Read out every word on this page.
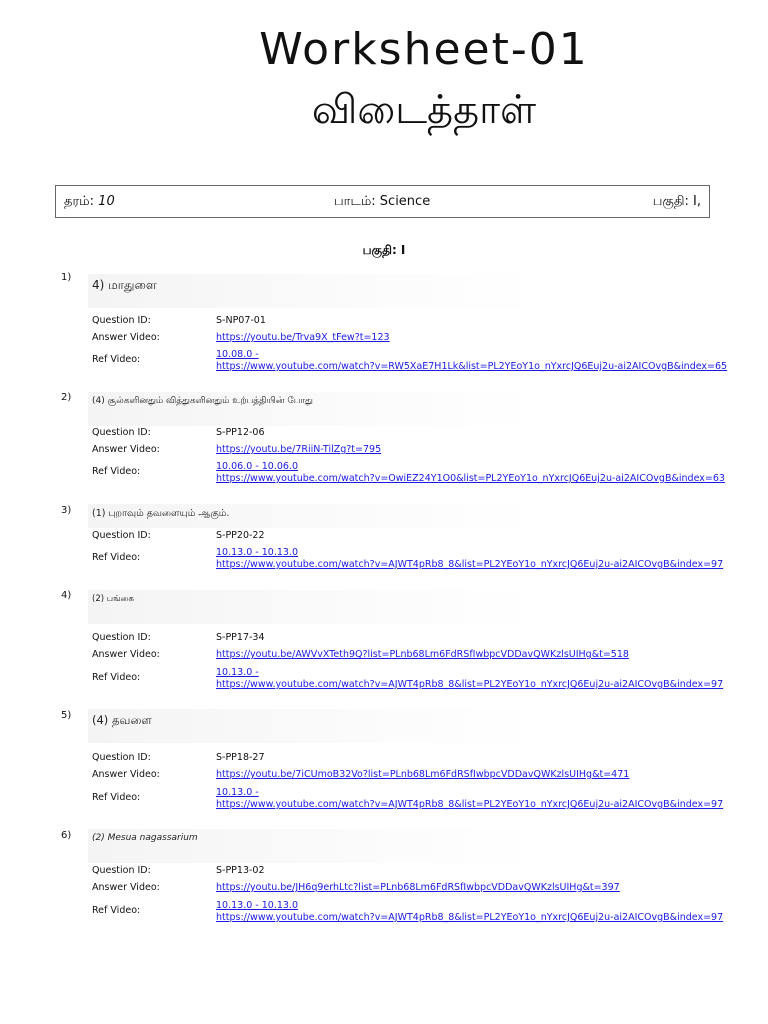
Worksheet-01
விடைத்தாள்
தரம்: 10	பாடம்: Science	பகுதி: I,
பகுதி: I
1)
4) மாதுளை
Question ID:	S-NP07-01
Answer Video:	https://youtu.be/Trva9X_tFew?t=123
Ref Video:	10.08.0 -
https://www.youtube.com/watch?v=RW5XaE7H1Lk&list=PL2YEoY1o_nYxrcJQ6Euj2u-ai2AICOvgB&index=65
2) (4) சூல்களினதும் வித்துகளினதும் உற்பத்தியின் போது
Question ID:	S-PP12-06
Answer Video:	https://youtu.be/7RiiN-TilZg?t=795
Ref Video:	10.06.0 - 10.06.0
https://www.youtube.com/watch?v=OwiEZ24Y1O0&list=PL2YEoY1o_nYxrcJQ6Euj2u-ai2AICOvgB&index=63
3) (1) புறாவும் தவளையும் ஆகும்.
Question ID:	S-PP20-22
Ref Video:	10.13.0 - 10.13.0
https://www.youtube.com/watch?v=AJWT4pRb8_8&list=PL2YEoY1o_nYxrcJQ6Euj2u-ai2AICOvgB&index=97
4) (2) பங்கை
Question ID:	S-PP17-34
Answer Video:	https://youtu.be/AWVvXTeth9Q?list=PLnb68Lm6FdRSfIwbpcVDDavQWKzlsUIHg&t=518
Ref Video:	10.13.0 -
https://www.youtube.com/watch?v=AJWT4pRb8_8&list=PL2YEoY1o_nYxrcJQ6Euj2u-ai2AICOvgB&index=97
5) (4) தவளை
Question ID:	S-PP18-27
Answer Video:	https://youtu.be/7iCUmoB32Vo?list=PLnb68Lm6FdRSfIwbpcVDDavQWKzlsUIHg&t=471
Ref Video:	10.13.0 -
https://www.youtube.com/watch?v=AJWT4pRb8_8&list=PL2YEoY1o_nYxrcJQ6Euj2u-ai2AICOvgB&index=97
6) (2) Mesua nagassarium
Question ID:	S-PP13-02
Answer Video:	https://youtu.be/JH6q9erhLtc?list=PLnb68Lm6FdRSfIwbpcVDDavQWKzlsUIHg&t=397
Ref Video:	10.13.0 - 10.13.0
https://www.youtube.com/watch?v=AJWT4pRb8_8&list=PL2YEoY1o_nYxrcJQ6Euj2u-ai2AICOvgB&index=97
